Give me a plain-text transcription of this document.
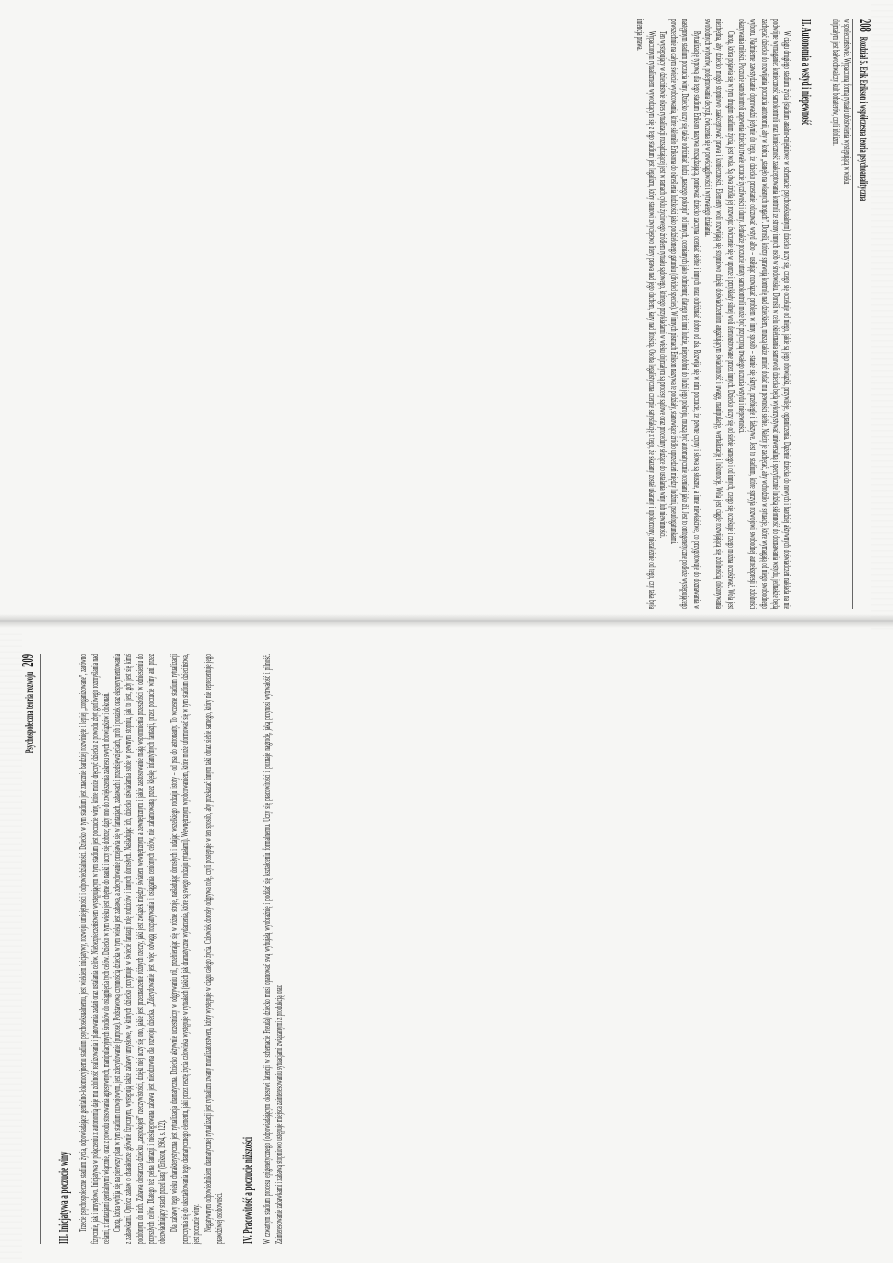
208
Rozdział 5. Erik Erikson i współczesna teoria psychoanalityczna

w społeczeństwie. Wypaczoną formą rytuału ubóstwienia występującą w wieku

dojrzałym jest bałwochwalczy kult bohaterów, czyli idolizm.

II. Autonomia a wstyd i niepewność

W ciągu drugiego stadium życia (stadium analno-mięśniowe w schemacie psychoseksualnym) dziecko uczy się, czego się oczekuje od niego, jakie są jego obowiązki, przywileje, ograniczenia. Dążenie dziecka do nowych i bardziej aktywnych doświadczeń nakłada na nie podwójne wymaganie: konieczność samokontroli oraz konieczność zaakceptowania kontroli ze strony innych osób w środowisku. Dorośli w celu okiełznania samowoli dziecka będą wykorzystywać uniwersalną i specyficznie ludzką skłonność do doznawania wstydu, jednakże będą zachęcać dziecko do rozwijania poczucia autonomii, aby w końcu „stanęło na własnych nogach”. Dorośli, którzy sprawują kontrolę nad dzieckiem, muszą także umieć dodać mu pewności siebie. Należy je zachęcać, aby wchodziło w sytuacje, które wymagają od niego swobodnego wyboru. Nadmierne zawstydzanie doprowadzi jedynie do tego, że dziecko przestanie odczuwać wstyd albo – usiłując rozwiązać problem w inny sposób – stanie się skryte, przebiegłe i fałszywe. Jest to stadium, które sprzyja rozwojowi swobodnej autoekspresji i zdolności okazywania miłości. Poczucie samokontroli zapewnia dziecku trwałe uczucie życzliwości i dumy. Jednakże poczucie utraty samokontroli może być przyczyną trwałego uczucia wstydu i niepewności.

Cnotą, która pojawia się w tym drugim stadium życia, jest wola. Są dwa źródła jej rozwoju: ćwiczenie się w uporze i przykłady silnej woli demonstrowane przez innych. Dziecko uczy się od siebie samego i od innych, czego się oczekuje i czego można oczekiwać. Wola jest niezbędna, aby dziecko mogło stopniowo zaakceptować prawa i konieczności. Elementy woli rozwijają się stopniowo dzięki doświadczeniom angażującym świadomość i uwagę, manipulację, werbalizację i lokomocję. Wola jest ciągle rozwijającą się zdolnością dokonywania swobodnych wyborów, podejmowania decyzji, ćwiczenia się w powściągliwości i wytrwałego działania.

Rytualizację typową dla tego stadium Erikson nazywa rozsądzającą, ponieważ dziecko zaczyna oceniać siebie i innych oraz odróżniać dobro od zła. Rozwija się w nim poczucie, że pewne czyny i słowa są słuszne, a inne niewłaściwe, co przygotowuje do doznawania w następnym stadium poczucia winy. Dziecko uczy się także odróżniać ludzi „naszego pokroju” od innych, ocenianych jako odmienni; dlatego też inni ludzie, niepodobni do ludzi jego pokroju, muszą być automatycznie oceniani jako źli. Jest to ontogenetyczne podłoże występującego powszechnie na całym świecie wyobcowania, które skłoniło Eriksona do określenia ludzkości jako podzielonego gatunku (divided species). W innych pismach Erikson nazywa te podziały, stanowiące źródło uprzedzeń między ludźmi, pseudogatunkami.

Ten występujący w dzieciństwie okres rytualizacji rozsądzającej jest w ramach cyklu życiowego źródłem rytuału sądowego, którego przykładami w wieku dojrzałym są procesy sądowe oraz procedury służące do ustalania winy lub niewinności.

Wypaczonym rytualizmem wywodzącym się z tego stadium jest legalizm, który stanowi zwycięstwo litery prawa nad jego duchem, kary nad litością. Osoba legalistyczna czerpie satysfakcję z tego, że skazany został ukarany i upokorzony, niezależnie od tego, czy taka była intencja prawa.

Psychospołeczna teoria rozwoju
209
III. Inicjatywa a poczucie winy Trzecie psychospołeczne stadium życia, odpowiadające genitalno-lokomocyjnemu stadium psychoseksualnemu, jest wiekiem inicjatywy, rozwoju umiejętności i odpowiedzialności. Dziecko w tym stadium jest znacznie bardziej rozwinięte i lepiej „zorganizowane”, zarówno fizycznie, jak i umysłowo. Inicjatywa w połączeniu z autonomią daje mu zdolność realizowania i planowania zadań oraz ustalania celów. Niebezpieczeństwem występującym w tym stadium jest poczucie winy, które może dręczyć dziecko z powodu zbyt gorliwego rozmyślania nad celami, z fantazjami genitalnymi włącznie, oraz z powodu stosowania agresywnych, manipulacyjnych środków do osiągnięcia tych celów. Dziecko w tym wieku jest chętne do nauki i uczy się dobrze; dąży ono do zwiększenia zakresu swych obowiązków i dokonań. Cnotą, która wybija się na pierwszy plan w tym stadium rozwojowym, jest zdecydowanie (purpose). Podstawową czynnością dziecka w tym wieku jest zabawa, a zdecydowanie przejawia się w fantazjach, zabawach i przedsięwzięciach, prób i porażek oraz eksperymentowania z zabawkami. Oprócz zabaw o charakterze głównie fizycznym, występują także zabawy umysłowe, w których dziecko przyjmuje w świecie fantazji rolę rodziców i innych dorosłych. Naśladując ich, dziecko uświadamia sobie w pewnym stopniu, jak to jest, gdy jest się kimś podobnym do nich. Zabawa dostarcza dziecku „zaspokojeń” rzeczywistości, dzięki niej uczy się ono, jakie jest przeznaczenie różnych rzeczy, jaki jest związek między światem wewnętrznym a zewnętrznym i jakie zastosowanie mają wspomnienia przeszłości w odniesieniu do przyszłych celów. Dlatego też pełna fantazji i nieskrępowana zabawa jest nieodzowna dla rozwoju dziecka. „Zdecydowanie jest więc odwagą rozpatrywania i osiągania cenionych celów, nie zahamowaną przez klęskę infantylnych fantazji, przez poczucie winy ani przez obezwładniający strach przed karą” (Erikson, 1964, s. 122). Dla zabawy tego wieku charakterystyczna jest rytualizacja dramatyczna. Dziecko aktywnie uczestniczy w odgrywaniu ról, przebierając się w różne stroje, naśladując dorosłych i udając wszelkiego rodzaju istoty – od psa do astronauty. To wczesne stadium rytualizacji przyczynia się do ukształtowania tego dramatycznego elementu, jaki przez resztę życia człowieka występuje w rytuałach (takich jak dramatyczne wydarzenia, które są swego rodzaju rytuałami). Wewnętrznym wyobcowaniem, które może uformować się w tym stadium dzieciństwa, jest poczucie winy. Negatywnym odpowiednikiem dramatycznej rytualizacji jest rytualizm zwany moralizatorstwem, który występuje w ciągu całego życia. Człowiek dorosły odgrywa rolę, czyli postępuje w ten sposób, aby przekazać innym taki obraz siebie samego, który nie reprezentuje jego prawdziwej osobowości. IV. Pracowitość a poczucie niższości W czwartym stadium procesu epigenetycznego (odpowiadającym okresowi latencji w schemacie Freuda) dziecko musi opanować swą wybujałą wyobraźnię i poddać się kształceniu formalnemu. Uczy się pracowitości i poznaje nagrodę, jaką przynosi wytrwałość i pilność. Zainteresowanie zabawkami i zabawą stopniowo ustępuje miejsca zainteresowaniu sytuacjami związanymi z produkcją oraz
